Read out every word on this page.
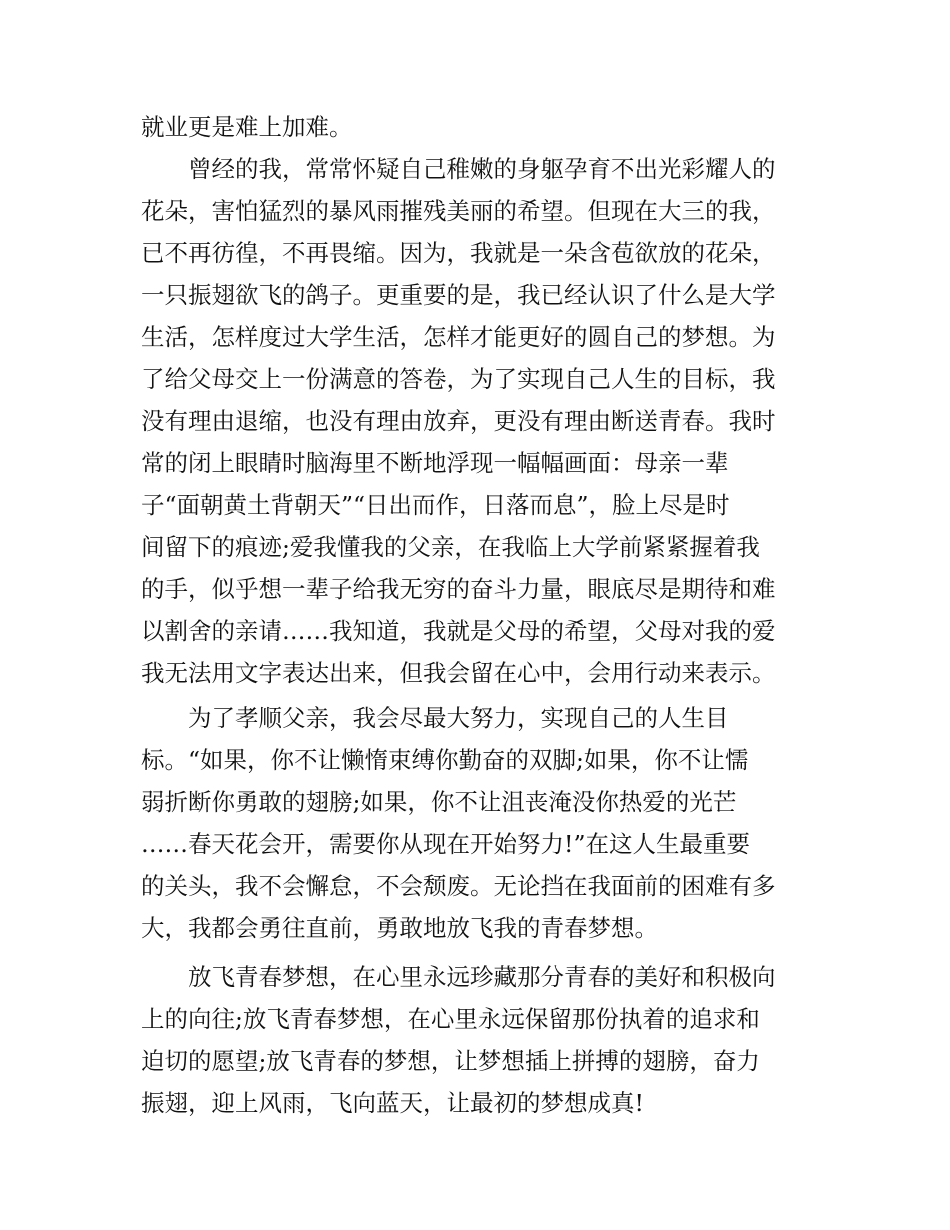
就业更是难上加难。
曾经的我，常常怀疑自己稚嫩的身躯孕育不出光彩耀人的
花朵，害怕猛烈的暴风雨摧残美丽的希望。但现在大三的我，
已不再彷徨，不再畏缩。因为，我就是一朵含苞欲放的花朵，
一只振翅欲飞的鸽子。更重要的是，我已经认识了什么是大学
生活，怎样度过大学生活，怎样才能更好的圆自己的梦想。为
了给父母交上一份满意的答卷，为了实现自己人生的目标，我
没有理由退缩，也没有理由放弃，更没有理由断送青春。我时
常的闭上眼睛时脑海里不断地浮现一幅幅画面：母亲一辈
子“面朝黄土背朝天”“日出而作，日落而息”，脸上尽是时
间留下的痕迹;爱我懂我的父亲，在我临上大学前紧紧握着我
的手，似乎想一辈子给我无穷的奋斗力量，眼底尽是期待和难
以割舍的亲请……我知道，我就是父母的希望，父母对我的爱
我无法用文字表达出来，但我会留在心中，会用行动来表示。
为了孝顺父亲，我会尽最大努力，实现自己的人生目
标。“如果，你不让懒惰束缚你勤奋的双脚;如果，你不让懦
弱折断你勇敢的翅膀;如果，你不让沮丧淹没你热爱的光芒
……春天花会开，需要你从现在开始努力!”在这人生最重要
的关头，我不会懈怠，不会颓废。无论挡在我面前的困难有多
大，我都会勇往直前，勇敢地放飞我的青春梦想。
放飞青春梦想，在心里永远珍藏那分青春的美好和积极向
上的向往;放飞青春梦想，在心里永远保留那份执着的追求和
迫切的愿望;放飞青春的梦想，让梦想插上拼搏的翅膀，奋力
振翅，迎上风雨，飞向蓝天，让最初的梦想成真!
